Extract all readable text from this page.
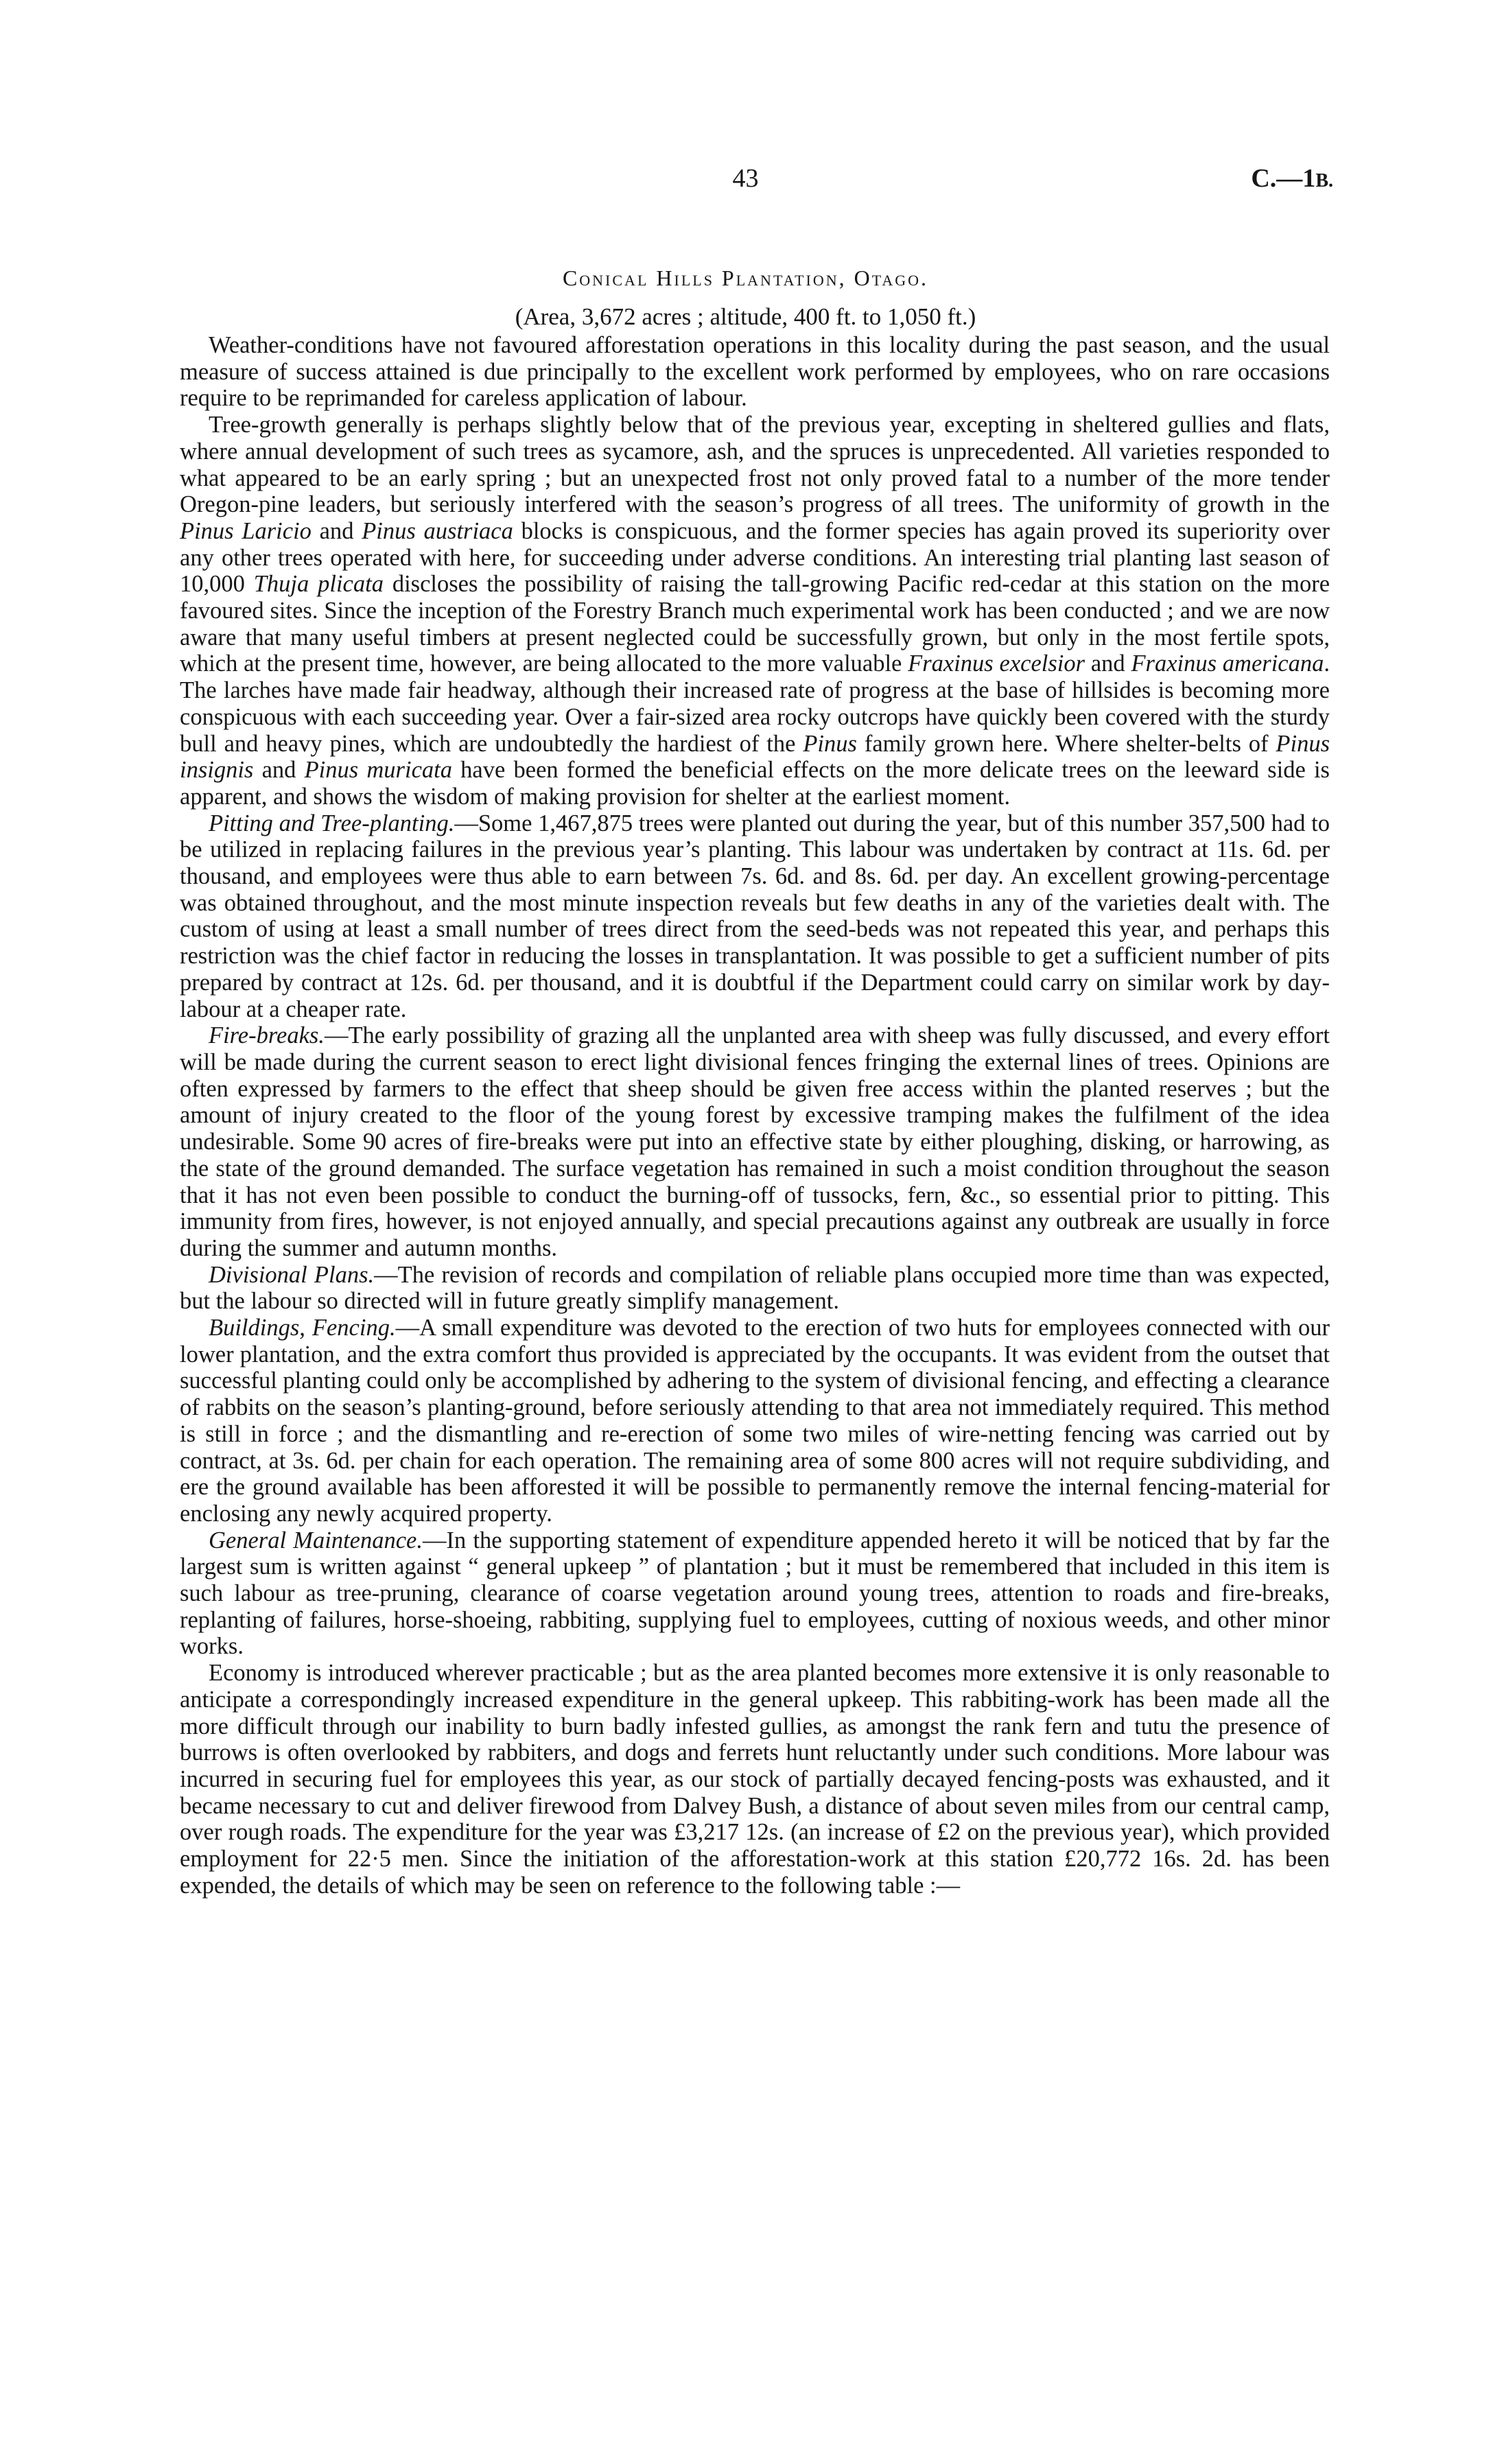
43	C.—1B.
Conical Hills Plantation, Otago.
(Area, 3,672 acres ; altitude, 400 ft. to 1,050 ft.)

Weather-conditions have not favoured afforestation operations in this locality during the past season, and the usual measure of success attained is due principally to the excellent work performed by employees, who on rare occasions require to be reprimanded for careless application of labour.

Tree-growth generally is perhaps slightly below that of the previous year, excepting in sheltered gullies and flats, where annual development of such trees as sycamore, ash, and the spruces is unprecedented. All varieties responded to what appeared to be an early spring ; but an unexpected frost not only proved fatal to a number of the more tender Oregon-pine leaders, but seriously interfered with the season’s progress of all trees. The uniformity of growth in the Pinus Laricio and Pinus austriaca blocks is conspicuous, and the former species has again proved its superiority over any other trees operated with here, for succeeding under adverse conditions. An interesting trial planting last season of 10,000 Thuja plicata discloses the possibility of raising the tall-growing Pacific red-cedar at this station on the more favoured sites. Since the inception of the Forestry Branch much experimental work has been conducted ; and we are now aware that many useful timbers at present neglected could be successfully grown, but only in the most fertile spots, which at the present time, however, are being allocated to the more valuable Fraxinus excelsior and Fraxinus americana. The larches have made fair headway, although their increased rate of progress at the base of hillsides is becoming more conspicuous with each succeeding year. Over a fair-sized area rocky outcrops have quickly been covered with the sturdy bull and heavy pines, which are undoubtedly the hardiest of the Pinus family grown here. Where shelter-belts of Pinus insignis and Pinus muricata have been formed the beneficial effects on the more delicate trees on the leeward side is apparent, and shows the wisdom of making provision for shelter at the earliest moment.

Pitting and Tree-planting.—Some 1,467,875 trees were planted out during the year, but of this number 357,500 had to be utilized in replacing failures in the previous year’s planting. This labour was undertaken by contract at 11s. 6d. per thousand, and employees were thus able to earn between 7s. 6d. and 8s. 6d. per day. An excellent growing-percentage was obtained throughout, and the most minute inspection reveals but few deaths in any of the varieties dealt with. The custom of using at least a small number of trees direct from the seed-beds was not repeated this year, and perhaps this restriction was the chief factor in reducing the losses in transplantation. It was possible to get a sufficient number of pits prepared by contract at 12s. 6d. per thousand, and it is doubtful if the Department could carry on similar work by day-labour at a cheaper rate.

Fire-breaks.—The early possibility of grazing all the unplanted area with sheep was fully discussed, and every effort will be made during the current season to erect light divisional fences fringing the external lines of trees. Opinions are often expressed by farmers to the effect that sheep should be given free access within the planted reserves ; but the amount of injury created to the floor of the young forest by excessive tramping makes the fulfilment of the idea undesirable. Some 90 acres of fire-breaks were put into an effective state by either ploughing, disking, or harrowing, as the state of the ground demanded. The surface vegetation has remained in such a moist condition throughout the season that it has not even been possible to conduct the burning-off of tussocks, fern, &c., so essential prior to pitting. This immunity from fires, however, is not enjoyed annually, and special precautions against any outbreak are usually in force during the summer and autumn months.

Divisional Plans.—The revision of records and compilation of reliable plans occupied more time than was expected, but the labour so directed will in future greatly simplify management.

Buildings, Fencing.—A small expenditure was devoted to the erection of two huts for employees connected with our lower plantation, and the extra comfort thus provided is appreciated by the occupants. It was evident from the outset that successful planting could only be accomplished by adhering to the system of divisional fencing, and effecting a clearance of rabbits on the season’s planting-ground, before seriously attending to that area not immediately required. This method is still in force ; and the dismantling and re-erection of some two miles of wire-netting fencing was carried out by contract, at 3s. 6d. per chain for each operation. The remaining area of some 800 acres will not require subdividing, and ere the ground available has been afforested it will be possible to permanently remove the internal fencing-material for enclosing any newly acquired property.

General Maintenance.—In the supporting statement of expenditure appended hereto it will be noticed that by far the largest sum is written against “ general upkeep ” of plantation ; but it must be remembered that included in this item is such labour as tree-pruning, clearance of coarse vegetation around young trees, attention to roads and fire-breaks, replanting of failures, horse-shoeing, rabbiting, supplying fuel to employees, cutting of noxious weeds, and other minor works.

Economy is introduced wherever practicable ; but as the area planted becomes more extensive it is only reasonable to anticipate a correspondingly increased expenditure in the general upkeep. This rabbiting-work has been made all the more difficult through our inability to burn badly infested gullies, as amongst the rank fern and tutu the presence of burrows is often overlooked by rabbiters, and dogs and ferrets hunt reluctantly under such conditions. More labour was incurred in securing fuel for employees this year, as our stock of partially decayed fencing-posts was exhausted, and it became necessary to cut and deliver firewood from Dalvey Bush, a distance of about seven miles from our central camp, over rough roads. The expenditure for the year was £3,217 12s. (an increase of £2 on the previous year), which provided employment for 22·5 men. Since the initiation of the afforestation-work at this station £20,772 16s. 2d. has been expended, the details of which may be seen on reference to the following table :—
